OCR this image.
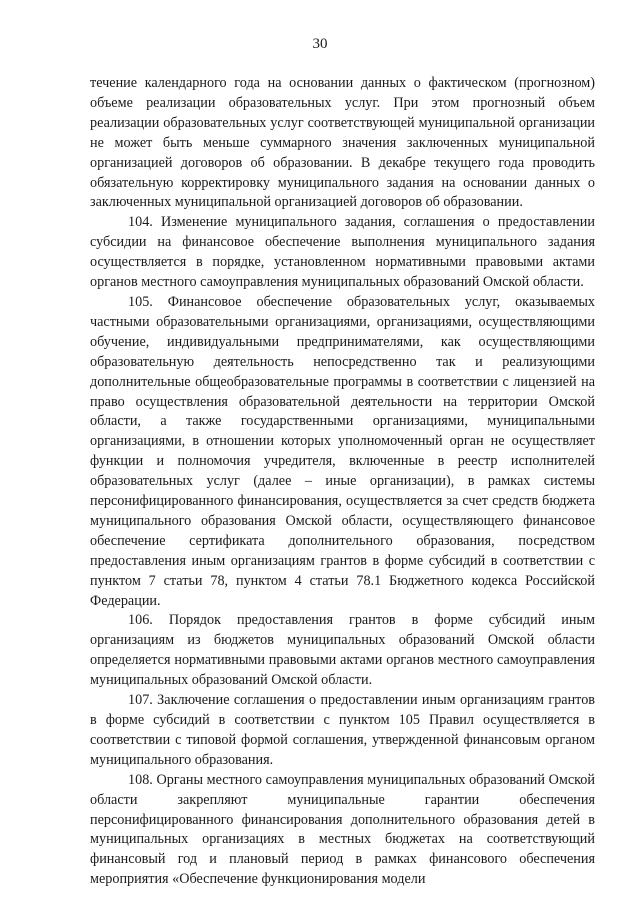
30

течение календарного года на основании данных о фактическом (прогнозном) объеме реализации образовательных услуг. При этом прогнозный объем реализации образовательных услуг соответствующей муниципальной организации не может быть меньше суммарного значения заключенных муниципальной организацией договоров об образовании. В декабре текущего года проводить обязательную корректировку муниципального задания на основании данных о заключенных муниципальной организацией договоров об образовании.

104. Изменение муниципального задания, соглашения о предоставлении субсидии на финансовое обеспечение выполнения муниципального задания осуществляется в порядке, установленном нормативными правовыми актами органов местного самоуправления муниципальных образований Омской области.

105. Финансовое обеспечение образовательных услуг, оказываемых частными образовательными организациями, организациями, осуществляющими обучение, индивидуальными предпринимателями, как осуществляющими образовательную деятельность непосредственно так и реализующими дополнительные общеобразовательные программы в соответствии с лицензией на право осуществления образовательной деятельности на территории Омской области, а также государственными организациями, муниципальными организациями, в отношении которых уполномоченный орган не осуществляет функции и полномочия учредителя, включенные в реестр исполнителей образовательных услуг (далее – иные организации), в рамках системы персонифицированного финансирования, осуществляется за счет средств бюджета муниципального образования Омской области, осуществляющего финансовое обеспечение сертификата дополнительного образования, посредством предоставления иным организациям грантов в форме субсидий в соответствии с пунктом 7 статьи 78, пунктом 4 статьи 78.1 Бюджетного кодекса Российской Федерации.

106. Порядок предоставления грантов в форме субсидий иным организациям из бюджетов муниципальных образований Омской области определяется нормативными правовыми актами органов местного самоуправления муниципальных образований Омской области.

107. Заключение соглашения о предоставлении иным организациям грантов в форме субсидий в соответствии с пунктом 105 Правил осуществляется в соответствии с типовой формой соглашения, утвержденной финансовым органом муниципального образования.

108. Органы местного самоуправления муниципальных образований Омской области закрепляют муниципальные гарантии обеспечения персонифицированного финансирования дополнительного образования детей в муниципальных организациях в местных бюджетах на соответствующий финансовый год и плановый период в рамках финансового обеспечения мероприятия «Обеспечение функционирования модели
